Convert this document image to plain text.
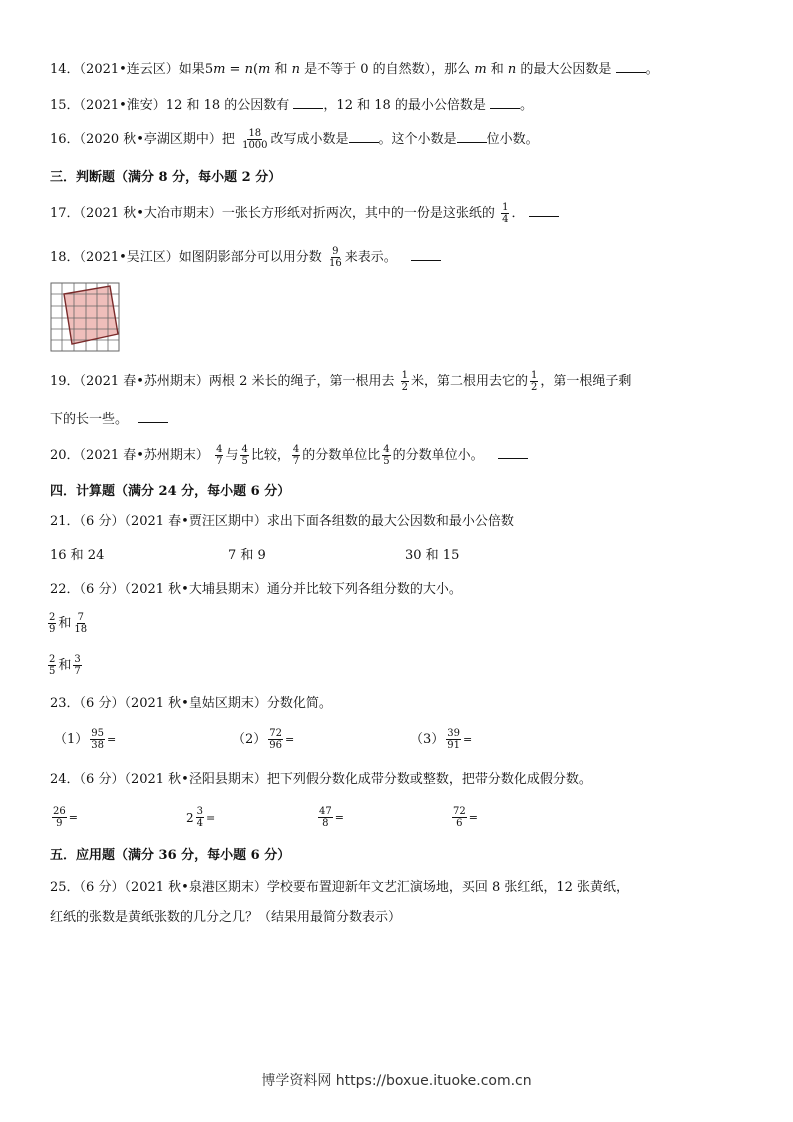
14．（2021•连云区）如果5m = n(m 和 n 是不等于 0 的自然数），那么 m 和 n 的最大公因数是	。
15．（2021•淮安）12 和 18 的公因数有	，12 和 18 的最小公倍数是	。
16．（2020 秋•亭湖区期中）把 $\frac{18}{1000}$ 改写成小数是 。这个小数是 位小数。
三．判断题（满分 8 分，每小题 2 分）
17．（2021 秋•大冶市期末）一张长方形纸对折两次，其中的一份是这张纸的 $\frac{1}{4}$ ．
18．（2021•吴江区）如图阴影部分可以用分数 $\frac{9}{16}$ 来表示。
19．（2021 春•苏州期末）两根 2 米长的绳子，第一根用去 $\frac{1}{2}$ 米，第二根用去它的 $\frac{1}{2}$ ，第一根绳子剩
下的长一些。
20．（2021 春•苏州期末） $\frac{4}{7}$ 与 $\frac{4}{5}$ 比较， $\frac{4}{7}$ 的分数单位比 $\frac{4}{5}$ 的分数单位小。
四．计算题（满分 24 分，每小题 6 分）
21．（6 分）（2021 春•贾汪区期中）求出下面各组数的最大公因数和最小公倍数
16 和 24	7 和 9	30 和 15
22．（6 分）（2021 秋•大埔县期末）通分并比较下列各组分数的大小。
$\frac{2}{9}$ 和 $\frac{7}{18}$
$\frac{2}{5}$ 和 $\frac{3}{7}$
23．（6 分）（2021 秋•皇姑区期末）分数化简。
$(1) \frac{95}{38}$ =	$(2) \frac{72}{96}$ =	$(3) \frac{39}{91}$ =
24．（6 分）（2021 秋•泾阳县期末）把下列假分数化成带分数或整数，把带分数化成假分数。
$\frac{26}{9}$ =	$2 \frac{3}{4}$ =	$\frac{47}{8}$ =	$\frac{72}{6}$ =
五．应用题（满分 36 分，每小题 6 分）
25．（6 分）（2021 秋•泉港区期末）学校要布置迎新年文艺汇演场地，买回 8 张红纸，12 张黄纸，
红纸的张数是黄纸张数的几分之几？（结果用最简分数表示）
博学资料网 https://boxue.ituoke.com.cn
